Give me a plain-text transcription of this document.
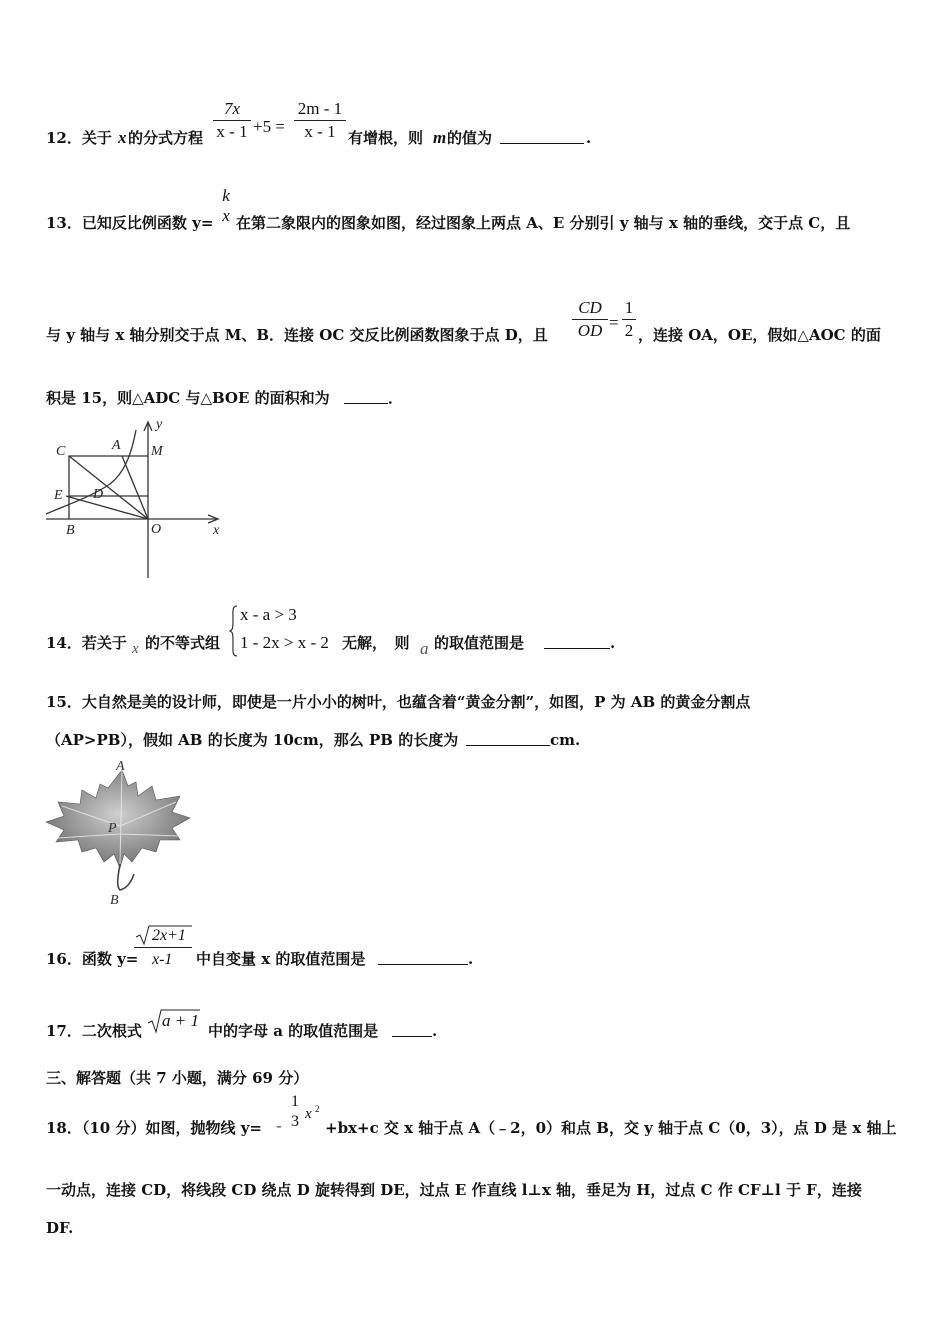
12．关于 x 的分式方程
7x
x - 1 +5 =
2m - 1
x - 1 有增根，则 m 的值为	.
13．已知反比例函数 y=
k
x 在第二象限内的图象如图，经过图象上两点 A、E 分别引 y 轴与 x 轴的垂线，交于点 C，且
与 y 轴与 x 轴分别交于点 M、B．连接 OC 交反比例函数图象于点 D，且
CD
OD =
1
2 ，连接 OA，OE，假如△AOC 的面
积是 15，则△ADC 与△BOE 的面积和为	．
C	A M
y
E D
B	O	x
14．若关于 x 的不等式组
x - a > 3
1 - 2x > x - 2 无解，　则 a 的取值范围是	.
15．大自然是美的设计师，即使是一片小小的树叶，也蕴含着“黄金分割”，如图，P 为 AB 的黄金分割点
（AP>PB），假如 AB 的长度为 10cm，那么 PB 的长度为	cm.
A
P
B
16．函数 y=
2x+1
x-1 中自变量 x 的取值范围是	.
17．二次根式
a + 1
中的字母 a 的取值范围是	.
三、解答题（共 7 小题，满分 69 分）
18．（10 分）如图，抛物线 y= -
1
3 x 2
+bx+c 交 x 轴于点 A（﹣2，0）和点 B，交 y 轴于点 C（0，3），点 D 是 x 轴上
一动点，连接 CD，将线段 CD 绕点 D 旋转得到 DE，过点 E 作直线 l⊥x 轴，垂足为 H，过点 C 作 CF⊥l 于 F，连接
DF.
